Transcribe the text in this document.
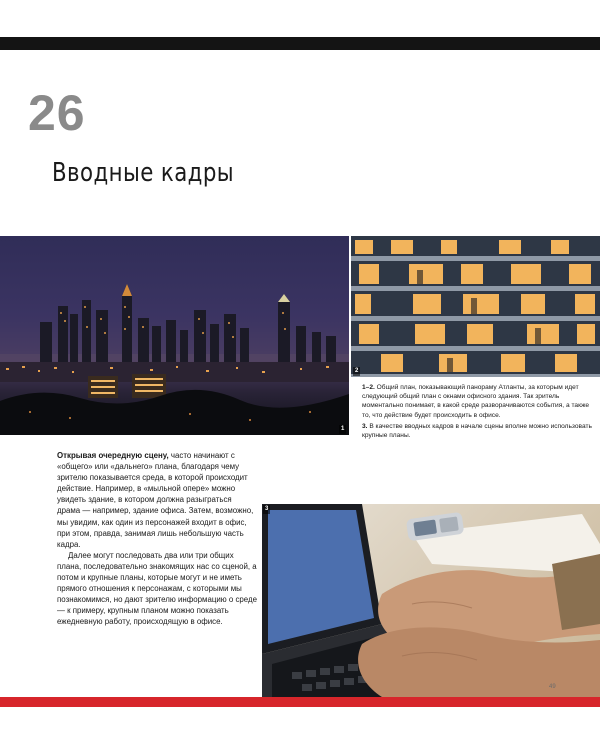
26
Вводные кадры
1
2

1–2. Общий план, показывающий панораму Атланты, за которым идет следующий общий план с окнами офисного здания. Так зритель моментально понимает, в какой среде разворачиваются события, а также то, что действие будет происходить в офисе.

3. В качестве вводных кадров в начале сцены вполне можно использовать крупные планы.

Открывая очередную сцену, часто начинают с «общего» или «дальнего» плана, благодаря чему зрителю показывается среда, в которой происходит действие. Например, в «мыльной опере» можно увидеть здание, в котором должна разыграться драма — например, здание офиса. Затем, возможно, мы увидим, как один из персонажей входит в офис, при этом, правда, занимая лишь небольшую часть кадра.

Далее могут последовать два или три общих плана, последовательно знакомящих нас со сценой, а потом и крупные планы, которые могут и не иметь прямого отношения к персонажам, с которыми мы познакомимся, но дают зрителю информацию о среде — к примеру, крупным планом можно показать ежедневную работу, происходящую в офисе.

3
49
